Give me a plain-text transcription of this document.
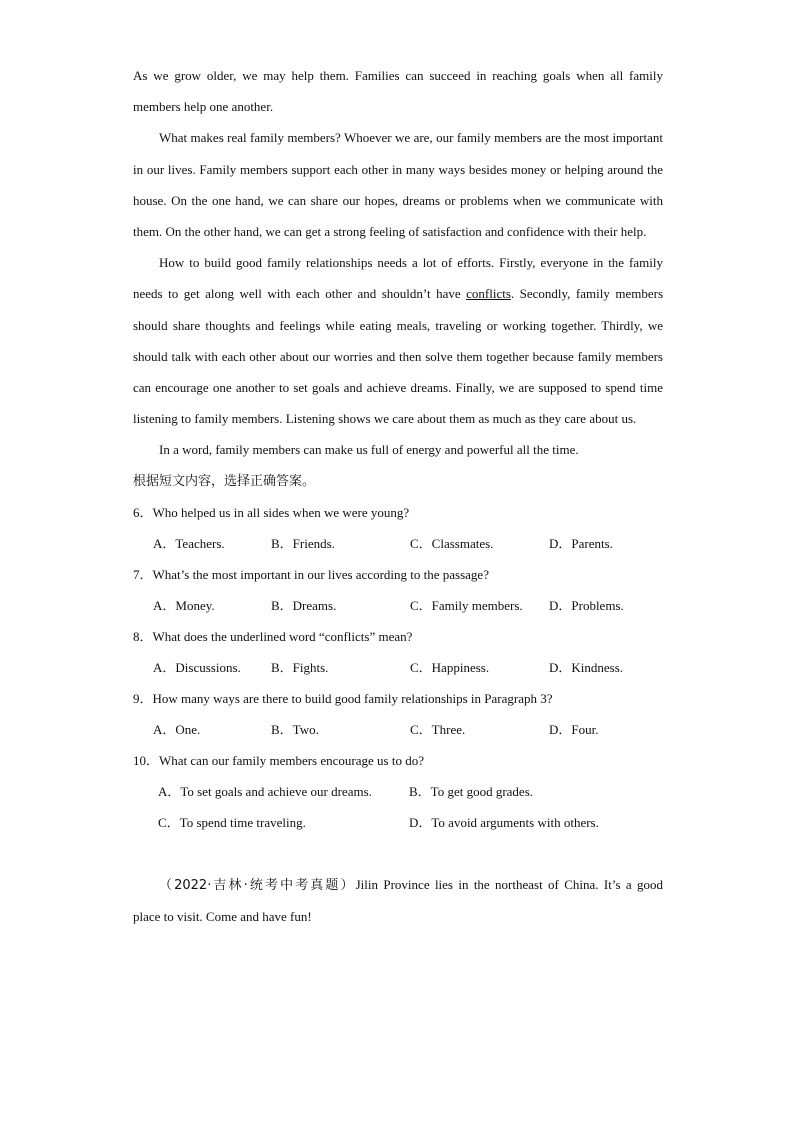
As we grow older, we may help them. Families can succeed in reaching goals when all family

members help one another.

What makes real family members? Whoever we are, our family members are the most important in our lives. Family members support each other in many ways besides money or helping around the house. On the one hand, we can share our hopes, dreams or problems when we communicate with them. On the other hand, we can get a strong feeling of satisfaction and confidence with their help.

How to build good family relationships needs a lot of efforts. Firstly, everyone in the family needs to get along well with each other and shouldn’t have conflicts. Secondly, family members should share thoughts and feelings while eating meals, traveling or working together. Thirdly, we should talk with each other about our worries and then solve them together because family members can encourage one another to set goals and achieve dreams. Finally, we are supposed to spend time listening to family members. Listening shows we care about them as much as they care about us.

In a word, family members can make us full of energy and powerful all the time.

根据短文内容，选择正确答案。

6．Who helped us in all sides when we were young?

A．Teachers.	B．Friends.	C．Classmates.	D．Parents.

7．What’s the most important in our lives according to the passage?

A．Money.	B．Dreams.	C．Family members. D．Problems.

8．What does the underlined word “conflicts” mean?

A．Discussions. B．Fights.	C．Happiness.	D．Kindness.

9．How many ways are there to build good family relationships in Paragraph 3?

A．One.	B．Two.	C．Three.	D．Four.

10．What can our family members encourage us to do?

A．To set goals and achieve our dreams.	B．To get good grades.
C．To spend time traveling.	D．To avoid arguments with others.

（2022·吉林·统考中考真题）Jilin Province lies in the northeast of China. It’s a good

place to visit. Come and have fun!
